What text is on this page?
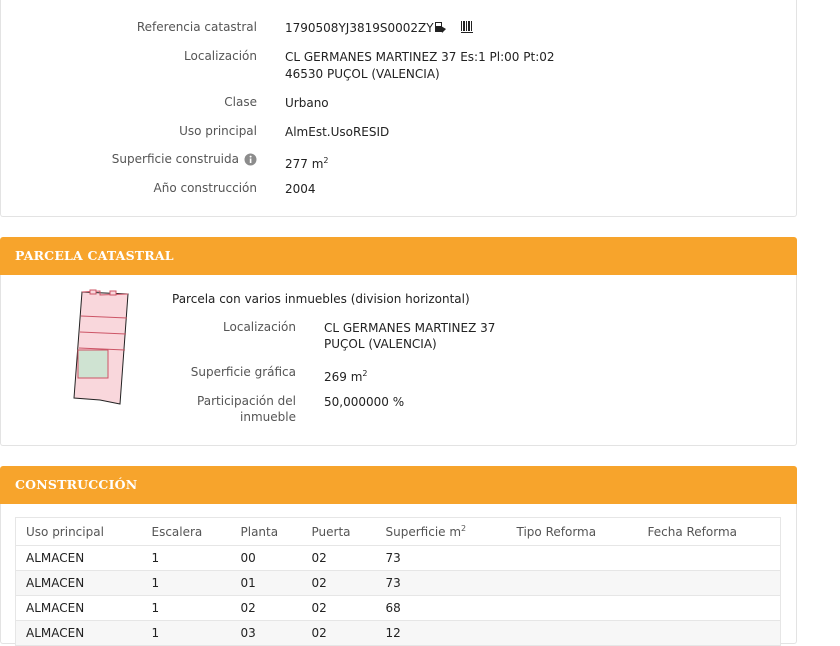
Referencia catastral 1790508YJ3819S0002ZY
Localización CL GERMANES MARTINEZ 37 Es:1 Pl:00 Pt:02
46530 PUÇOL (VALENCIA)
Clase Urbano
Uso principal AlmEst.UsoRESID
Superficie construida	277 $m^2$
Año construcción 2004
PARCELA CATASTRAL
Parcela con varios inmuebles (division horizontal)
Localización CL GERMANES MARTINEZ 37
PUÇOL (VALENCIA)
Superficie gráfica 269 $m^2$
Participación del
inmueble
50,000000 %
CONSTRUCCIÓN
Uso principal	Escalera	Planta	Puerta	Superficie $m^2$	Tipo Reforma	Fecha Reforma
ALMACEN	1	00	02	73		
ALMACEN	1	01	02	73		
ALMACEN	1	02	02	68		
ALMACEN	1	03	02	12		
